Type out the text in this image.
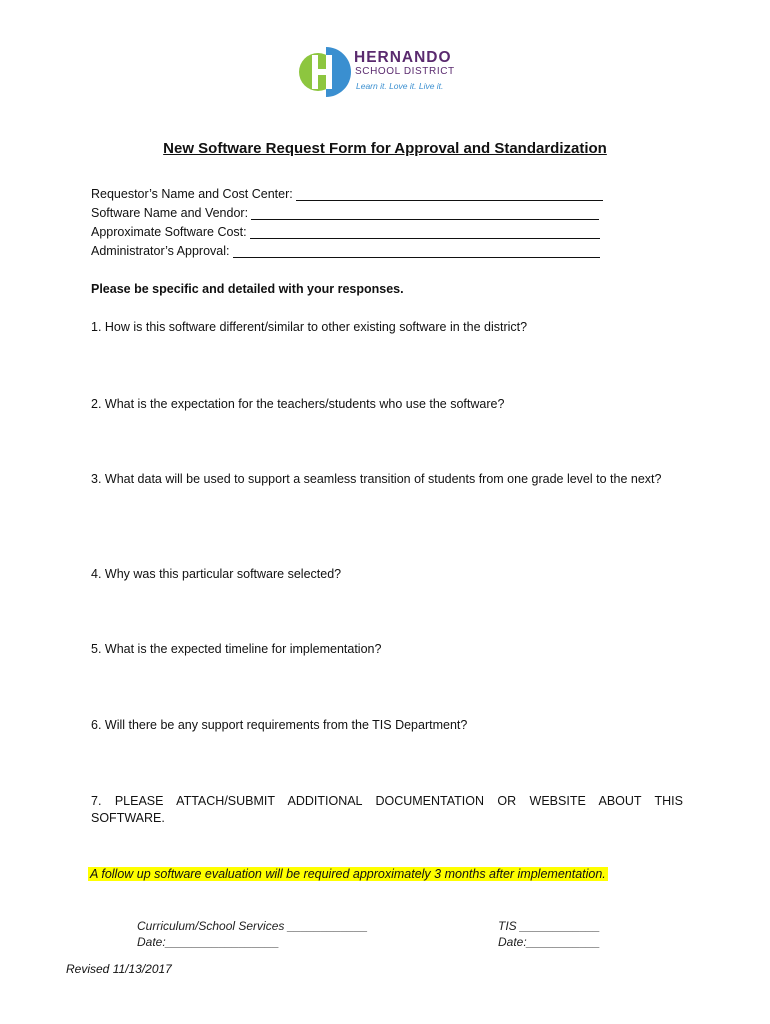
HERNANDO
SCHOOL DISTRICT
Learn it. Love it. Live it.
New Software Request Form for Approval and Standardization
Requestor’s Name and Cost Center:
Software Name and Vendor:
Approximate Software Cost:
Administrator’s Approval:
Please be specific and detailed with your responses.
1. How is this software different/similar to other existing software in the district?
2. What is the expectation for the teachers/students who use the software?
3. What data will be used to support a seamless transition of students from one grade level to the next?
4. Why was this particular software selected?
5. What is the expected timeline for implementation?
6. Will there be any support requirements from the TIS Department?
7. PLEASE ATTACH/SUBMIT ADDITIONAL DOCUMENTATION OR WEBSITE ABOUT THIS
SOFTWARE.
A follow up software evaluation will be required approximately 3 months after implementation.
Curriculum/School Services ____________
Date:_________________
TIS ____________
Date:___________
Revised 11/13/2017
